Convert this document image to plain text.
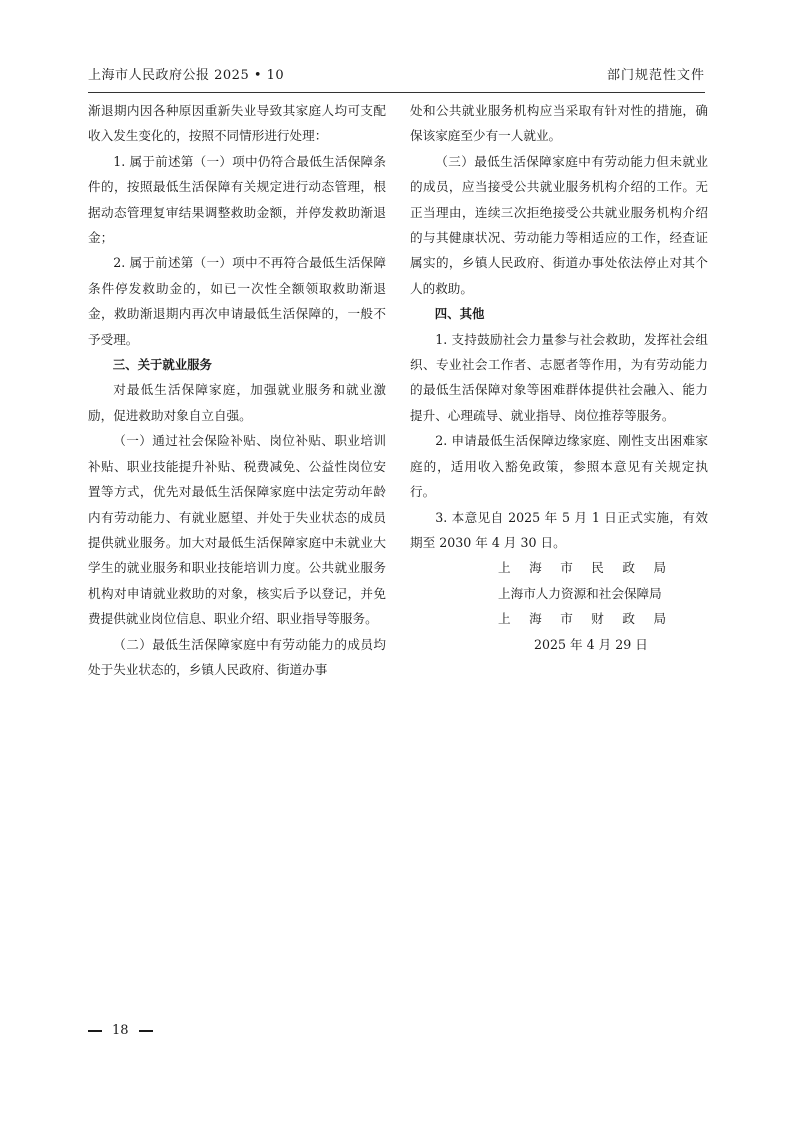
上海市人民政府公报 2025 • 10	部门规范性文件

渐退期内因各种原因重新失业导致其家庭人均可支配收入发生变化的，按照不同情形进行处理：

1. 属于前述第（一）项中仍符合最低生活保障条件的，按照最低生活保障有关规定进行动态管理，根据动态管理复审结果调整救助金额，并停发救助渐退金；

2. 属于前述第（一）项中不再符合最低生活保障条件停发救助金的，如已一次性全额领取救助渐退金，救助渐退期内再次申请最低生活保障的，一般不予受理。

三、关于就业服务

对最低生活保障家庭，加强就业服务和就业激励，促进救助对象自立自强。

（一）通过社会保险补贴、岗位补贴、职业培训补贴、职业技能提升补贴、税费减免、公益性岗位安置等方式，优先对最低生活保障家庭中法定劳动年龄内有劳动能力、有就业愿望、并处于失业状态的成员提供就业服务。加大对最低生活保障家庭中未就业大学生的就业服务和职业技能培训力度。公共就业服务机构对申请就业救助的对象，核实后予以登记，并免费提供就业岗位信息、职业介绍、职业指导等服务。

（二）最低生活保障家庭中有劳动能力的成员均处于失业状态的，乡镇人民政府、街道办事

处和公共就业服务机构应当采取有针对性的措施，确保该家庭至少有一人就业。

（三）最低生活保障家庭中有劳动能力但未就业的成员，应当接受公共就业服务机构介绍的工作。无正当理由，连续三次拒绝接受公共就业服务机构介绍的与其健康状况、劳动能力等相适应的工作，经查证属实的，乡镇人民政府、街道办事处依法停止对其个人的救助。

四、其他

1. 支持鼓励社会力量参与社会救助，发挥社会组织、专业社会工作者、志愿者等作用，为有劳动能力的最低生活保障对象等困难群体提供社会融入、能力提升、心理疏导、就业指导、岗位推荐等服务。

2. 申请最低生活保障边缘家庭、刚性支出困难家庭的，适用收入豁免政策，参照本意见有关规定执行。

3. 本意见自 2025 年 5 月 1 日正式实施，有效期至 2030 年 4 月 30 日。

上海市民政局

上海市人力资源和社会保障局

上海市财政局

2025 年 4 月 29 日

18
